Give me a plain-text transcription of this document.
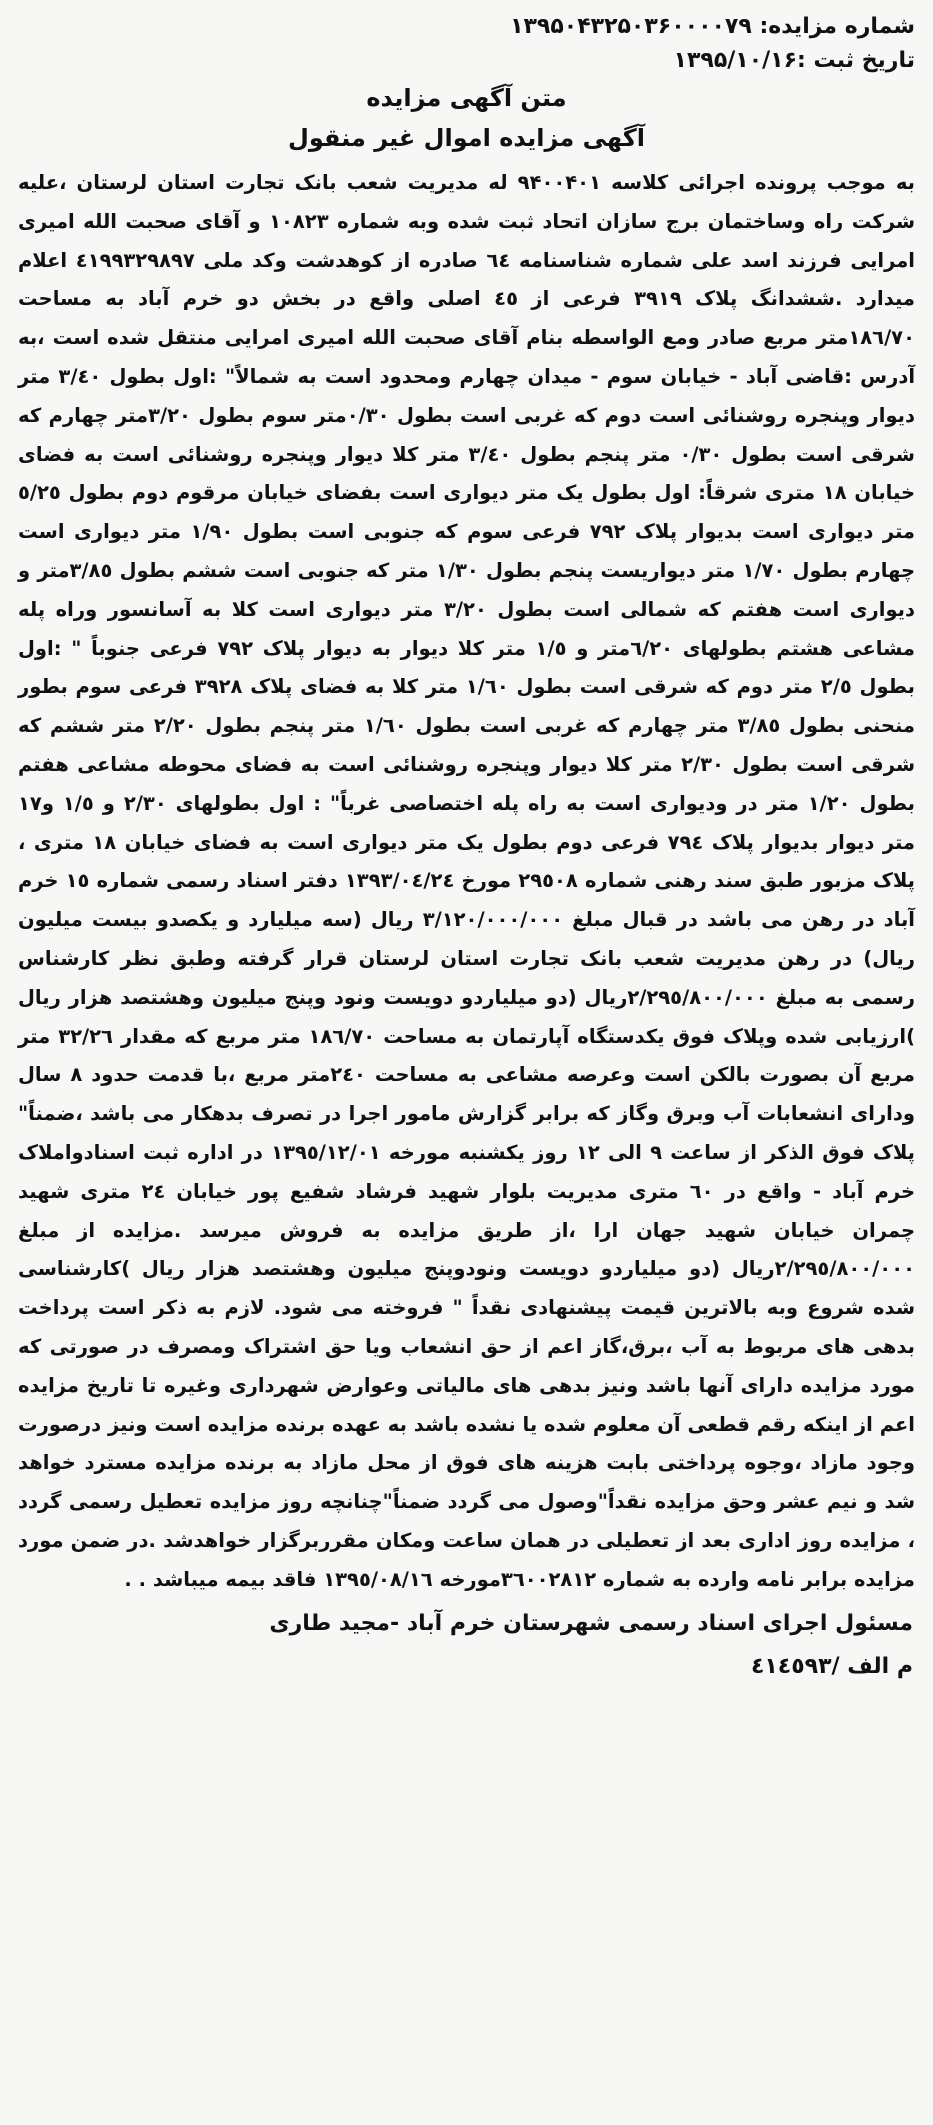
شماره مزایده: ۱۳۹۵۰۴۳۲۵۰۳۶۰۰۰۰۷۹
تاریخ ثبت :۱۳۹۵/۱۰/۱۶
متن آگهی مزایده
آگهی مزایده اموال غیر منقول

به موجب پرونده اجرائی کلاسه ۹۴۰۰۴۰۱ له مدیریت شعب بانک تجارت استان لرستان ،علیه شرکت راه وساختمان برج سازان اتحاد ثبت شده وبه شماره ۱۰۸۲۳ و آقای صحبت الله امیری امرایی فرزند اسد علی شماره شناسنامه ٦٤ صادره از کوهدشت وکد ملی ٤١٩٩٣٢٩٨٩٧ اعلام میدارد .ششدانگ پلاک ۳۹۱۹ فرعی از ٤٥ اصلی واقع در بخش دو خرم آباد به مساحت ١٨٦/٧٠متر مربع صادر ومع الواسطه بنام آقای صحبت الله امیری امرایی منتقل شده است ،به آدرس :قاضی آباد - خیابان سوم - میدان چهارم ومحدود است به شمالاً" :اول بطول ٣/٤٠ متر دیوار وپنجره روشنائی است دوم که غربی است بطول ٠/٣٠متر سوم بطول ٣/٢٠متر چهارم که شرقی است بطول ٠/٣٠ متر پنجم بطول ٣/٤٠ متر کلا دیوار وپنجره روشنائی است به فضای خیابان ١٨ متری شرقاً: اول بطول یک متر دیواری است بفضای خیابان مرقوم دوم بطول ٥/٢٥ متر دیواری است بدیوار پلاک ٧٩٢ فرعی سوم که جنوبی است بطول ١/٩٠ متر دیواری است چهارم بطول ١/٧٠ متر دیواریست پنجم بطول ١/٣٠ متر که جنوبی است ششم بطول ٣/٨٥متر و دیواری است هفتم که شمالی است بطول ٣/٢٠ متر دیواری است کلا به آسانسور وراه پله مشاعی هشتم بطولهای ٦/٢٠متر و ١/٥ متر کلا دیوار به دیوار پلاک ٧٩٢ فرعی جنوباً " :اول بطول ٢/٥ متر دوم که شرقی است بطول ١/٦٠ متر کلا به فضای پلاک ٣٩٢٨ فرعی سوم بطور منحنی بطول ٣/٨٥ متر چهارم که غربی است بطول ١/٦٠ متر پنجم بطول ٢/٢٠ متر ششم که شرقی است بطول ٢/٣٠ متر کلا دیوار وپنجره روشنائی است به فضای محوطه مشاعی هفتم بطول ١/٢٠ متر در ودیواری است به راه پله اختصاصی غرباً" : اول بطولهای ٢/٣٠ و ١/٥ و١٧ متر دیوار بدیوار پلاک ٧٩٤ فرعی دوم بطول یک متر دیواری است به فضای خیابان ١٨ متری ، پلاک مزبور طبق سند رهنی شماره ٢٩٥٠٨ مورخ ١٣٩٣/٠٤/٢٤ دفتر اسناد رسمی شماره ١٥ خرم آباد در رهن می باشد در قبال مبلغ ٣/١٢٠/٠٠٠/٠٠٠ ریال (سه میلیارد و یکصدو بیست میلیون ریال) در رهن مدیریت شعب بانک تجارت استان لرستان قرار گرفته وطبق نظر کارشناس رسمی به مبلغ ٢/٢٩٥/٨٠٠/٠٠٠ریال (دو میلیاردو دویست ونود وپنج میلیون وهشتصد هزار ریال )ارزیابی شده وپلاک فوق یکدستگاه آپارتمان به مساحت ١٨٦/٧٠ متر مربع که مقدار ٣٢/٢٦ متر مربع آن بصورت بالکن است وعرصه مشاعی به مساحت ٢٤٠متر مربع ،با قدمت حدود ٨ سال ودارای انشعابات آب وبرق وگاز که برابر گزارش مامور اجرا در تصرف بدهکار می باشد ،ضمناً" پلاک فوق الذکر از ساعت ٩ الی ١٢ روز یکشنبه مورخه ١٣٩٥/١٢/٠١ در اداره ثبت اسنادواملاک خرم آباد - واقع در ٦٠ متری مدیریت بلوار شهید فرشاد شفیع پور خیابان ٢٤ متری شهید چمران خیابان شهید جهان ارا ،از طریق مزایده به فروش میرسد .مزایده از مبلغ ٢/٢٩٥/٨٠٠/٠٠٠ریال (دو میلیاردو دویست ونودوپنج میلیون وهشتصد هزار ریال )کارشناسی شده شروع وبه بالاترین قیمت پیشنهادی نقداً " فروخته می شود. لازم به ذکر است پرداخت بدهی های مربوط به آب ،برق،گاز اعم از حق انشعاب ویا حق اشتراک ومصرف در صورتی که مورد مزایده دارای آنها باشد ونیز بدهی های مالیاتی وعوارض شهرداری وغیره تا تاریخ مزایده اعم از اینکه رقم قطعی آن معلوم شده یا نشده باشد به عهده برنده مزایده است ونیز درصورت وجود مازاد ،وجوه پرداختی بابت هزینه های فوق از محل مازاد به برنده مزایده مسترد خواهد شد و نیم عشر وحق مزایده نقداً"وصول می گردد ضمناً"چنانچه روز مزایده تعطیل رسمی گردد ، مزایده روز اداری بعد از تعطیلی در همان ساعت ومکان مقرربرگزار خواهدشد .در ضمن مورد مزایده برابر نامه وارده به شماره ٣٦٠٠٢٨١٢مورخه ١٣٩٥/٠٨/١٦ فاقد بیمه میباشد . .

مسئول اجرای اسناد رسمی شهرستان خرم آباد -مجید طاری
م الف /٤١٤٥٩٣
